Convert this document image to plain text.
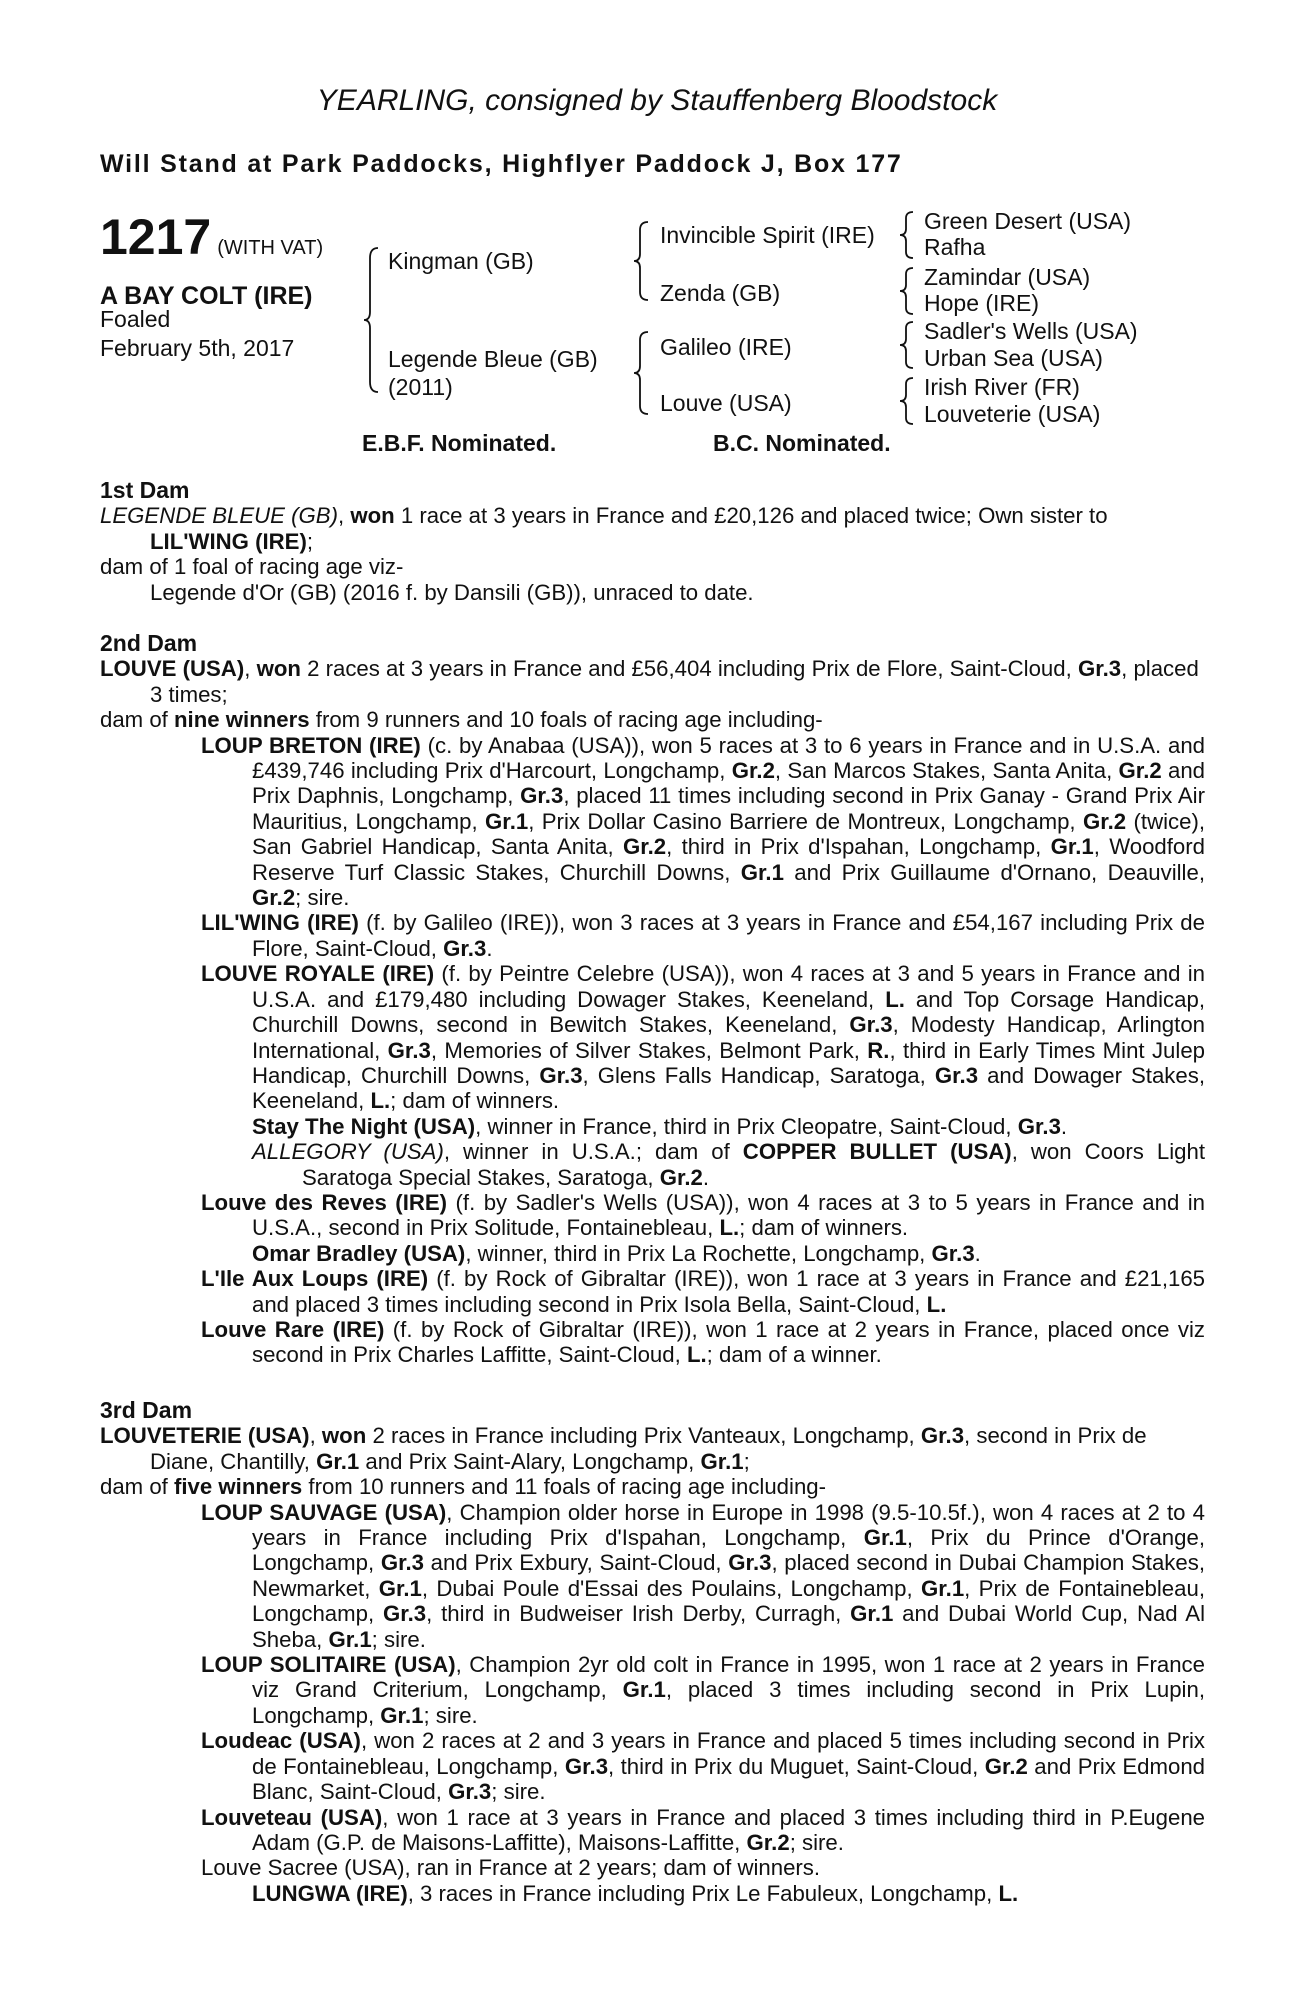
YEARLING, consigned by Stauffenberg Bloodstock
Will Stand at Park Paddocks, Highflyer Paddock J, Box 177
1217 (WITH VAT)
A BAY COLT (IRE)
Foaled
February 5th, 2017
Kingman (GB)
Legende Bleue (GB)
(2011)
Invincible Spirit (IRE)
Zenda (GB)
Galileo (IRE)
Louve (USA)
Green Desert (USA)
Rafha
Zamindar (USA)
Hope (IRE)
Sadler's Wells (USA)
Urban Sea (USA)
Irish River (FR)
Louveterie (USA)
E.B.F. Nominated.	B.C. Nominated.

1st Dam

LEGENDE BLEUE (GB), won 1 race at 3 years in France and £20,126 and placed twice; Own sister to LIL'WING (IRE);

dam of 1 foal of racing age viz-

Legende d'Or (GB) (2016 f. by Dansili (GB)), unraced to date.

2nd Dam

LOUVE (USA), won 2 races at 3 years in France and £56,404 including Prix de Flore, Saint-Cloud, Gr.3, placed 3 times;

dam of nine winners from 9 runners and 10 foals of racing age including-

LOUP BRETON (IRE) (c. by Anabaa (USA)), won 5 races at 3 to 6 years in France and in U.S.A. and £439,746 including Prix d'Harcourt, Longchamp, Gr.2, San Marcos Stakes, Santa Anita, Gr.2 and Prix Daphnis, Longchamp, Gr.3, placed 11 times including second in Prix Ganay - Grand Prix Air Mauritius, Longchamp, Gr.1, Prix Dollar Casino Barriere de Montreux, Longchamp, Gr.2 (twice), San Gabriel Handicap, Santa Anita, Gr.2, third in Prix d'Ispahan, Longchamp, Gr.1, Woodford Reserve Turf Classic Stakes, Churchill Downs, Gr.1 and Prix Guillaume d'Ornano, Deauville, Gr.2; sire.

LIL'WING (IRE) (f. by Galileo (IRE)), won 3 races at 3 years in France and £54,167 including Prix de Flore, Saint-Cloud, Gr.3.

LOUVE ROYALE (IRE) (f. by Peintre Celebre (USA)), won 4 races at 3 and 5 years in France and in U.S.A. and £179,480 including Dowager Stakes, Keeneland, L. and Top Corsage Handicap, Churchill Downs, second in Bewitch Stakes, Keeneland, Gr.3, Modesty Handicap, Arlington International, Gr.3, Memories of Silver Stakes, Belmont Park, R., third in Early Times Mint Julep Handicap, Churchill Downs, Gr.3, Glens Falls Handicap, Saratoga, Gr.3 and Dowager Stakes, Keeneland, L.; dam of winners.

Stay The Night (USA), winner in France, third in Prix Cleopatre, Saint-Cloud, Gr.3.

ALLEGORY (USA), winner in U.S.A.; dam of COPPER BULLET (USA), won Coors Light Saratoga Special Stakes, Saratoga, Gr.2.

Louve des Reves (IRE) (f. by Sadler's Wells (USA)), won 4 races at 3 to 5 years in France and in U.S.A., second in Prix Solitude, Fontainebleau, L.; dam of winners.

Omar Bradley (USA), winner, third in Prix La Rochette, Longchamp, Gr.3.

L'Ile Aux Loups (IRE) (f. by Rock of Gibraltar (IRE)), won 1 race at 3 years in France and £21,165 and placed 3 times including second in Prix Isola Bella, Saint-Cloud, L.

Louve Rare (IRE) (f. by Rock of Gibraltar (IRE)), won 1 race at 2 years in France, placed once viz second in Prix Charles Laffitte, Saint-Cloud, L.; dam of a winner.

3rd Dam

LOUVETERIE (USA), won 2 races in France including Prix Vanteaux, Longchamp, Gr.3, second in Prix de Diane, Chantilly, Gr.1 and Prix Saint-Alary, Longchamp, Gr.1;

dam of five winners from 10 runners and 11 foals of racing age including-

LOUP SAUVAGE (USA), Champion older horse in Europe in 1998 (9.5-10.5f.), won 4 races at 2 to 4 years in France including Prix d'Ispahan, Longchamp, Gr.1, Prix du Prince d'Orange, Longchamp, Gr.3 and Prix Exbury, Saint-Cloud, Gr.3, placed second in Dubai Champion Stakes, Newmarket, Gr.1, Dubai Poule d'Essai des Poulains, Longchamp, Gr.1, Prix de Fontainebleau, Longchamp, Gr.3, third in Budweiser Irish Derby, Curragh, Gr.1 and Dubai World Cup, Nad Al Sheba, Gr.1; sire.

LOUP SOLITAIRE (USA), Champion 2yr old colt in France in 1995, won 1 race at 2 years in France viz Grand Criterium, Longchamp, Gr.1, placed 3 times including second in Prix Lupin, Longchamp, Gr.1; sire.

Loudeac (USA), won 2 races at 2 and 3 years in France and placed 5 times including second in Prix de Fontainebleau, Longchamp, Gr.3, third in Prix du Muguet, Saint-Cloud, Gr.2 and Prix Edmond Blanc, Saint-Cloud, Gr.3; sire.

Louveteau (USA), won 1 race at 3 years in France and placed 3 times including third in P.Eugene Adam (G.P. de Maisons-Laffitte), Maisons-Laffitte, Gr.2; sire.

Louve Sacree (USA), ran in France at 2 years; dam of winners.

LUNGWA (IRE), 3 races in France including Prix Le Fabuleux, Longchamp, L.
